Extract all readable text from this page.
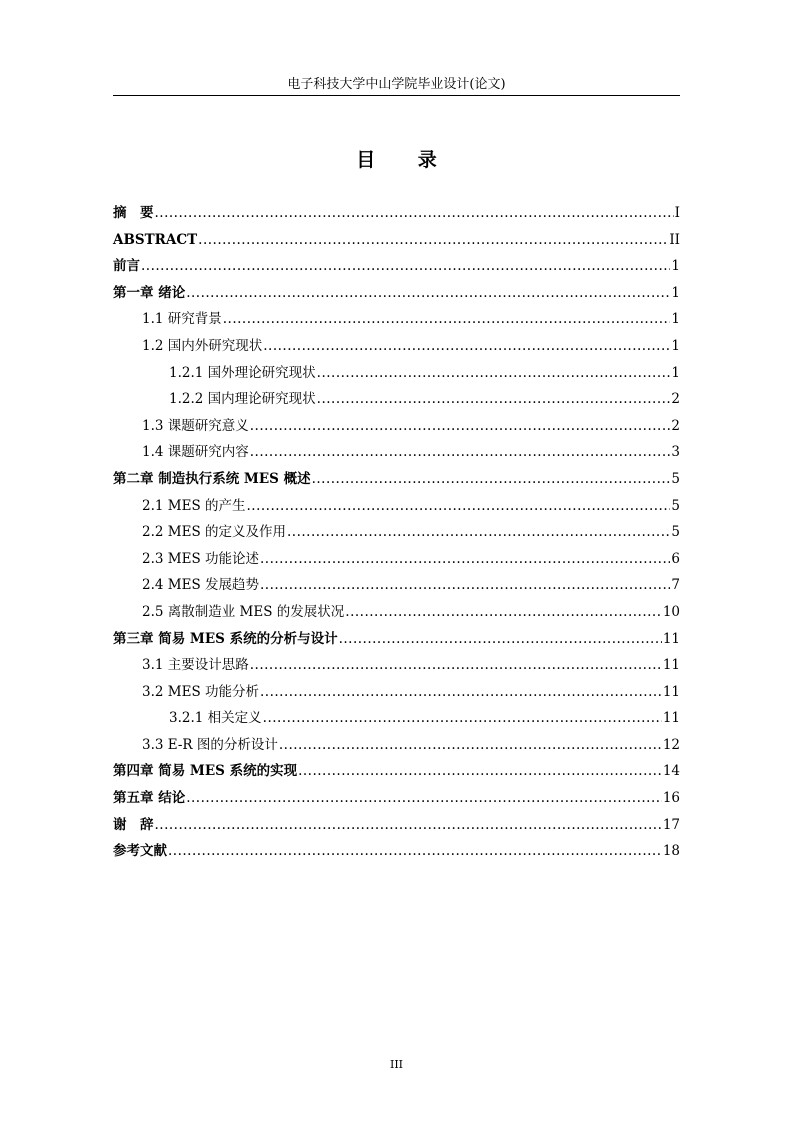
电子科技大学中山学院毕业设计(论文)
目 录
摘　要 .....	I
ABSTRACT .....	II
前言 .....	1
第一章 绪论 .....	1
1.1 研究背景 .....	1
1.2 国内外研究现状 .....	1
1.2.1 国外理论研究现状 .....	1
1.2.2 国内理论研究现状 .....	2
1.3 课题研究意义 .....	2
1.4 课题研究内容 .....	3
第二章 制造执行系统 MES 概述 .....	5
2.1 MES 的产生 .....	5
2.2 MES 的定义及作用 .....	5
2.3 MES 功能论述 .....	6
2.4 MES 发展趋势 .....	7
2.5 离散制造业 MES 的发展状况 .....	10
第三章 简易 MES 系统的分析与设计 .....	11
3.1 主要设计思路 .....	11
3.2 MES 功能分析 .....	11
3.2.1 相关定义 .....	11
3.3 E-R 图的分析设计 .....	12
第四章 简易 MES 系统的实现 .....	14
第五章 结论 .....	16
谢　辞 .....	17
参考文献 .....	18
III
